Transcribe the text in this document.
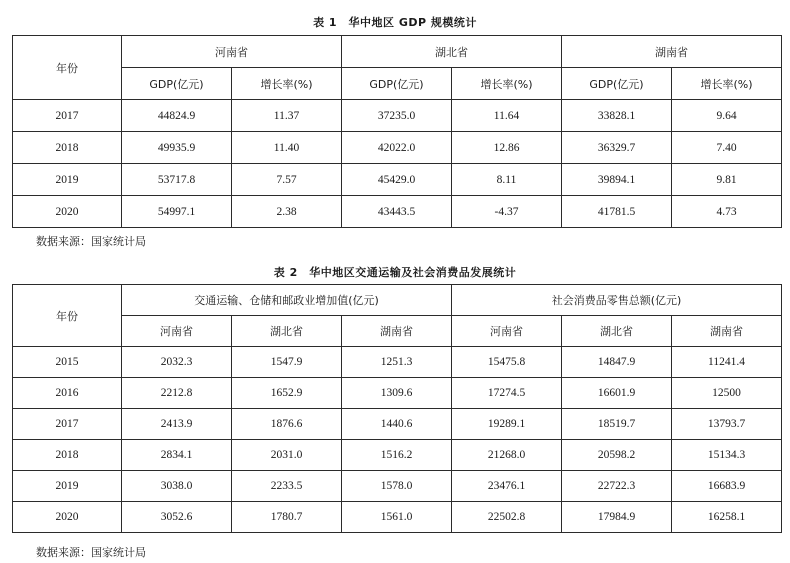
表 1　华中地区 GDP 规模统计
年份	河南省		湖北省		湖南省	
	GDP(亿元)	增长率(%)	GDP(亿元)	增长率(%)	GDP(亿元)	增长率(%)
2017	44824.9	11.37	37235.0	11.64	33828.1	9.64
2018	49935.9	11.40	42022.0	12.86	36329.7	7.40
2019	53717.8	7.57	45429.0	8.11	39894.1	9.81
2020	54997.1	2.38	43443.5	-4.37	41781.5	4.73
数据来源：国家统计局
表 2　华中地区交通运输及社会消费品发展统计
年份	交通运输、仓储和邮政业增加值(亿元)			社会消费品零售总额(亿元)		
	河南省	湖北省	湖南省	河南省	湖北省	湖南省
2015	2032.3	1547.9	1251.3	15475.8	14847.9	11241.4
2016	2212.8	1652.9	1309.6	17274.5	16601.9	12500
2017	2413.9	1876.6	1440.6	19289.1	18519.7	13793.7
2018	2834.1	2031.0	1516.2	21268.0	20598.2	15134.3
2019	3038.0	2233.5	1578.0	23476.1	22722.3	16683.9
2020	3052.6	1780.7	1561.0	22502.8	17984.9	16258.1
数据来源：国家统计局
